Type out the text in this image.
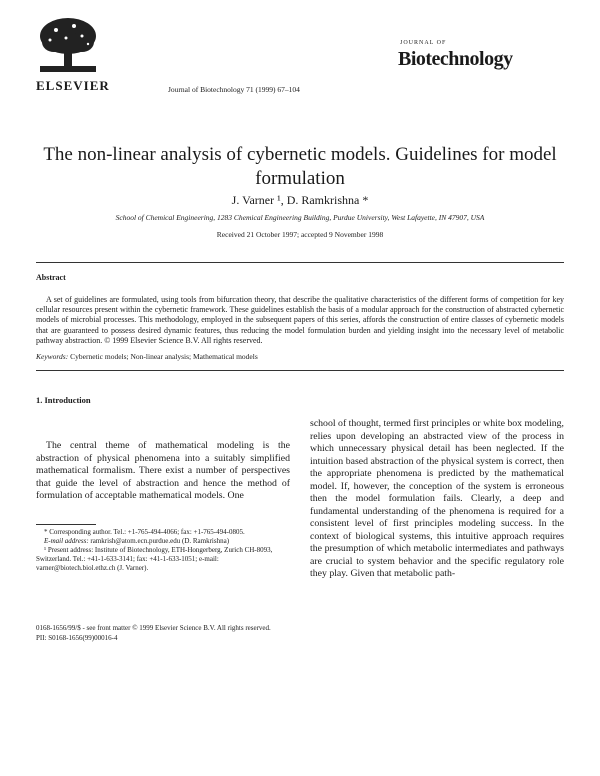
ELSEVIER	Journal of Biotechnology 71 (1999) 67–104
JOURNAL OF
Biotechnology
The non-linear analysis of cybernetic models. Guidelines for model formulation
J. Varner ¹, D. Ramkrishna *
School of Chemical Engineering, 1283 Chemical Engineering Building, Purdue University, West Lafayette, IN 47907, USA
Received 21 October 1997; accepted 9 November 1998
Abstract
A set of guidelines are formulated, using tools from bifurcation theory, that describe the qualitative characteristics of the different forms of competition for key cellular resources present within the cybernetic framework. These guidelines establish the basis of a modular approach for the construction of abstracted cybernetic models of microbial processes. This methodology, employed in the subsequent papers of this series, affords the construction of entire classes of cybernetic models that are guaranteed to possess desired dynamic features, thus reducing the model formulation burden and yielding insight into the necessary level of metabolic pathway abstraction. © 1999 Elsevier Science B.V. All rights reserved.
Keywords: Cybernetic models; Non-linear analysis; Mathematical models
1. Introduction
The central theme of mathematical modeling is the abstraction of physical phenomena into a suitably simplified mathematical formalism. There exist a number of perspectives that guide the level of abstraction and hence the method of formulation of acceptable mathematical models. One

* Corresponding author. Tel.: +1-765-494-4066; fax: +1-765-494-0805.

E-mail address: ramkrish@atom.ecn.purdue.edu (D. Ramkrishna)

¹ Present address: Institute of Biotechnology, ETH-Hongerberg, Zurich CH-8093, Switzerland. Tel.: +41-1-633-3141; fax: +41-1-633-1051; e-mail: varner@biotech.biol.ethz.ch (J. Varner).

school of thought, termed first principles or white box modeling, relies upon developing an abstracted view of the process in which unnecessary physical detail has been neglected. If the intuition based abstraction of the physical system is correct, then the appropriate phenomena is predicted by the mathematical model. If, however, the conception of the system is erroneous then the model formulation fails. Clearly, a deep and fundamental understanding of the phenomena is required for a consistent level of first principles modeling success. In the context of biological systems, this intuitive approach requires the presumption of which metabolic intermediates and pathways are crucial to system behavior and the specific regulatory role they play. Given that metabolic path-
0168-1656/99/$ - see front matter © 1999 Elsevier Science B.V. All rights reserved.
PII: S0168-1656(99)00016-4
